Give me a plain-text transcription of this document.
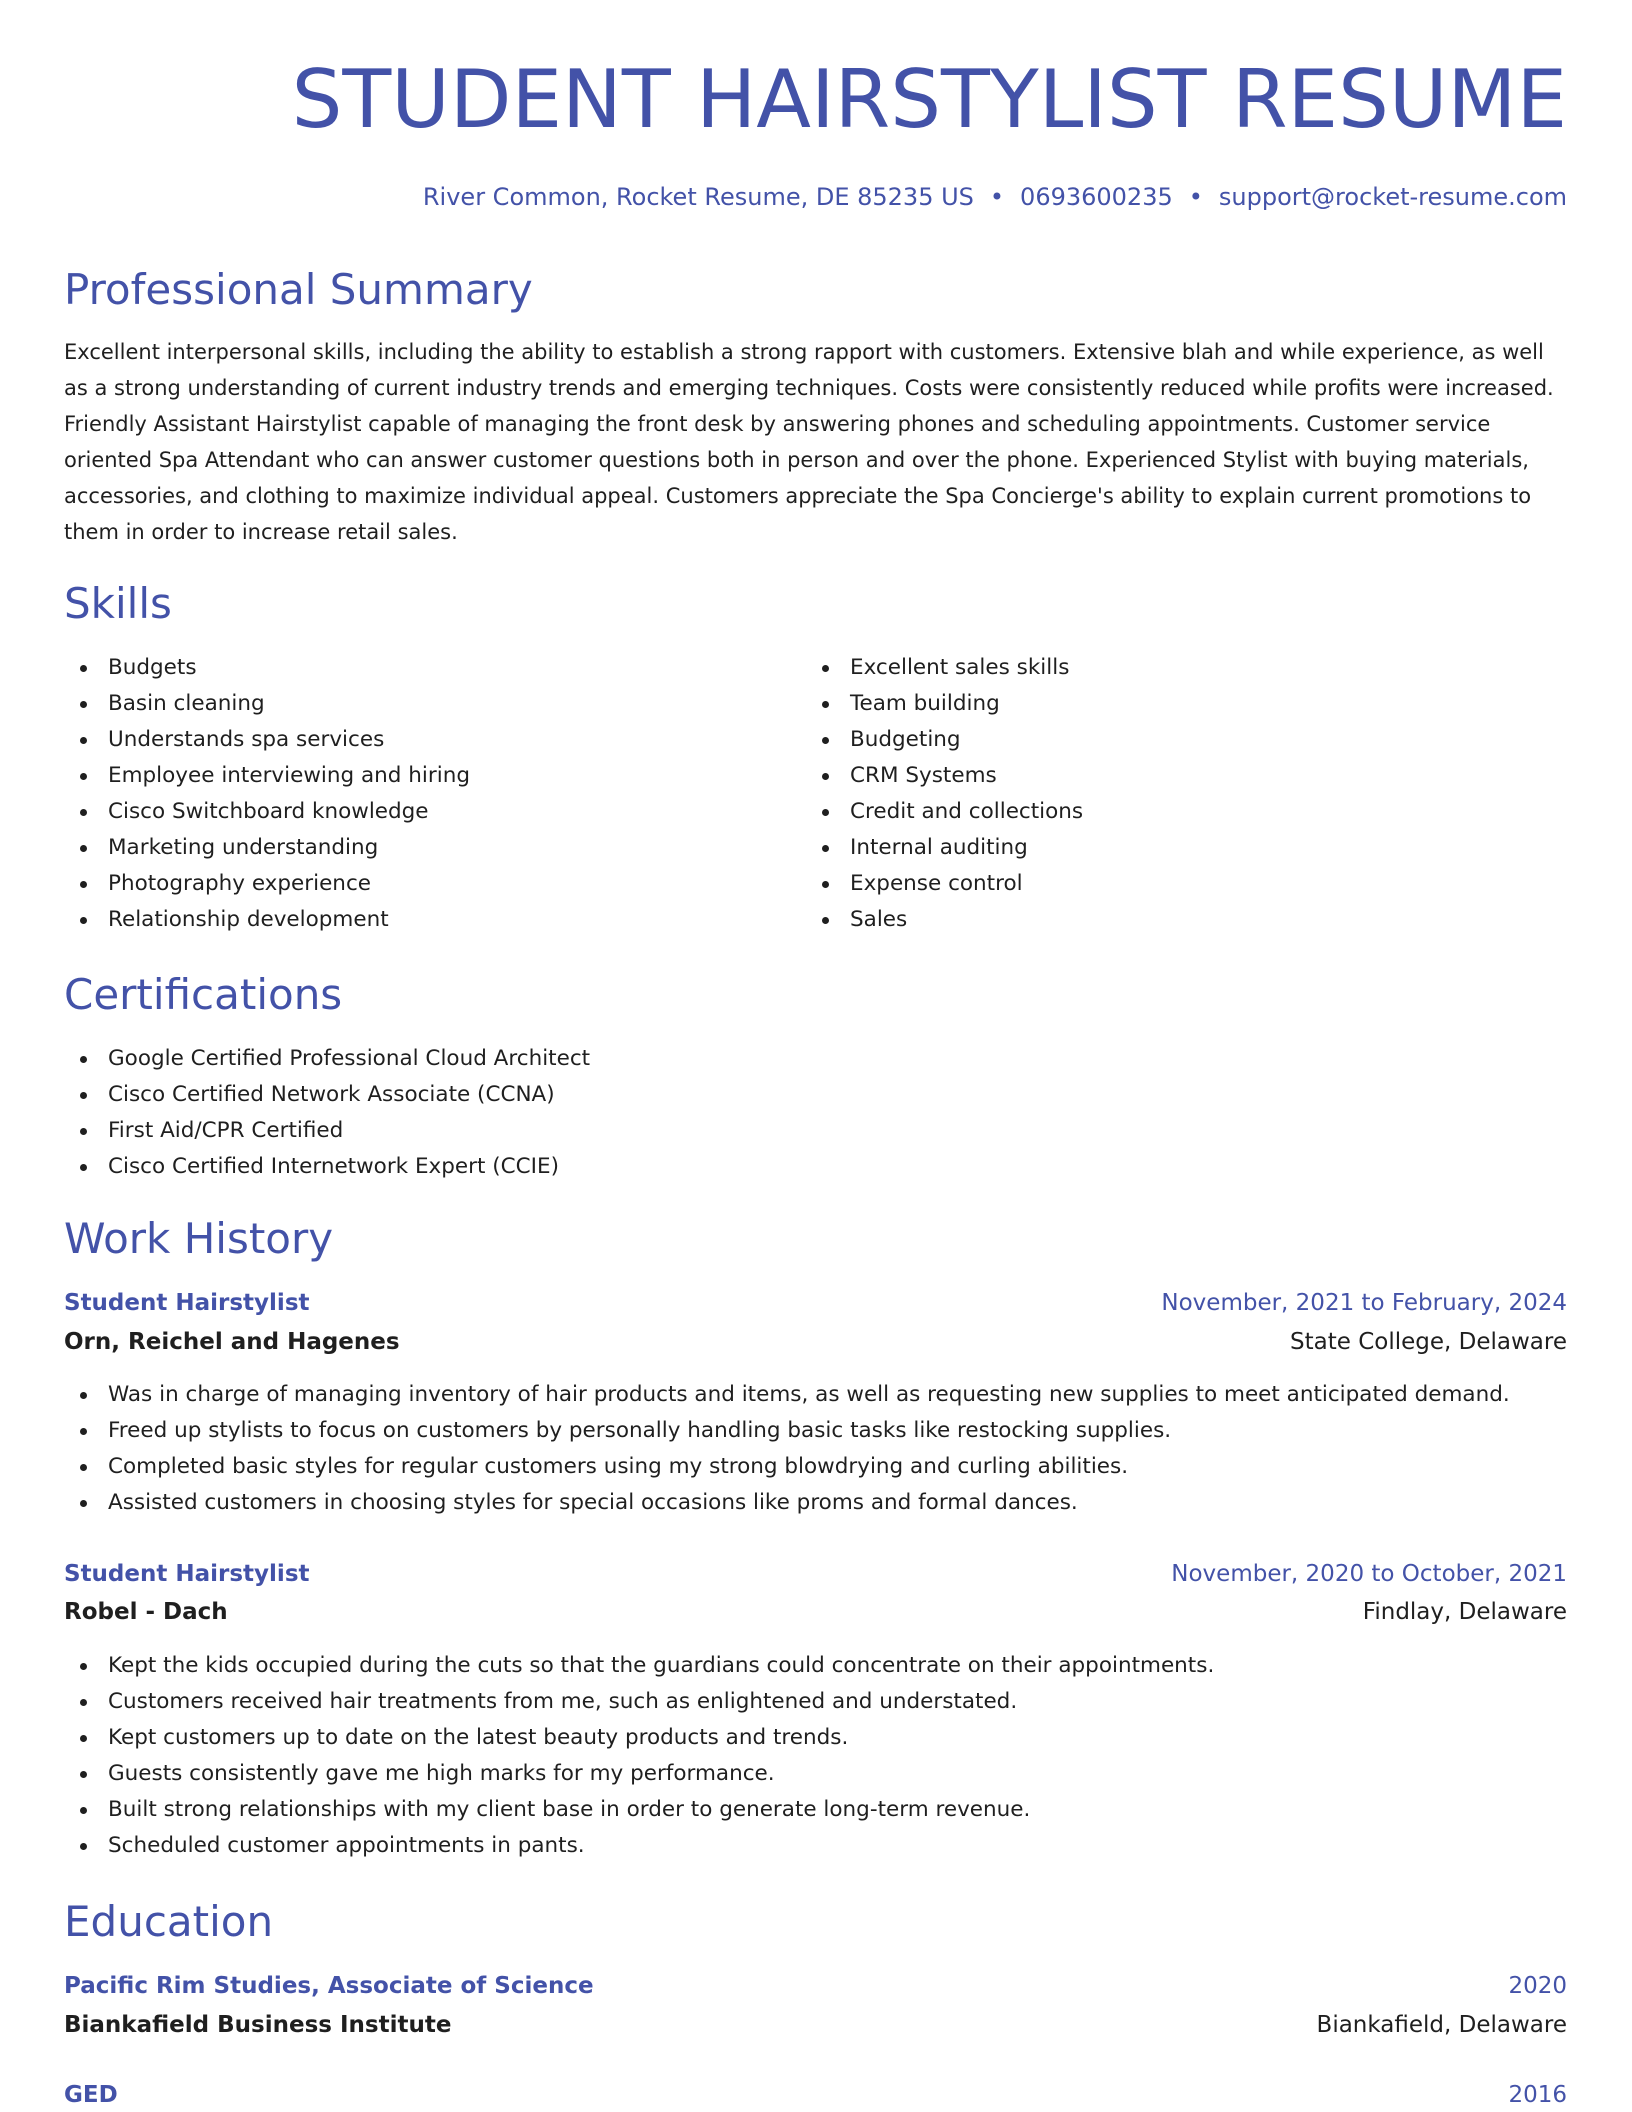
STUDENT HAIRSTYLIST RESUME
River Common, Rocket Resume, DE 85235 US • 0693600235 • support@rocket-resume.com
Professional Summary

Excellent interpersonal skills, including the ability to establish a strong rapport with customers. Extensive blah and while experience, as well as a strong understanding of current industry trends and emerging techniques. Costs were consistently reduced while profits were increased. Friendly Assistant Hairstylist capable of managing the front desk by answering phones and scheduling appointments. Customer service oriented Spa Attendant who can answer customer questions both in person and over the phone. Experienced Stylist with buying materials, accessories, and clothing to maximize individual appeal. Customers appreciate the Spa Concierge's ability to explain current promotions to them in order to increase retail sales.

Skills
Budgets
Basin cleaning
Understands spa services
Employee interviewing and hiring
Cisco Switchboard knowledge
Marketing understanding
Photography experience
Relationship development
Excellent sales skills
Team building
Budgeting
CRM Systems
Credit and collections
Internal auditing
Expense control
Sales
Certifications
Google Certified Professional Cloud Architect
Cisco Certified Network Associate (CCNA)
First Aid/CPR Certified
Cisco Certified Internetwork Expert (CCIE)
Work History
Student Hairstylist	November, 2021 to February, 2024
Orn, Reichel and Hagenes	State College, Delaware
Was in charge of managing inventory of hair products and items, as well as requesting new supplies to meet anticipated demand.
Freed up stylists to focus on customers by personally handling basic tasks like restocking supplies.
Completed basic styles for regular customers using my strong blowdrying and curling abilities.
Assisted customers in choosing styles for special occasions like proms and formal dances.
Student Hairstylist	November, 2020 to October, 2021
Robel - Dach	Findlay, Delaware
Kept the kids occupied during the cuts so that the guardians could concentrate on their appointments.
Customers received hair treatments from me, such as enlightened and understated.
Kept customers up to date on the latest beauty products and trends.
Guests consistently gave me high marks for my performance.
Built strong relationships with my client base in order to generate long-term revenue.
Scheduled customer appointments in pants.
Education
Pacific Rim Studies, Associate of Science	2020
Biankafield Business Institute	Biankafield, Delaware
GED	2016
